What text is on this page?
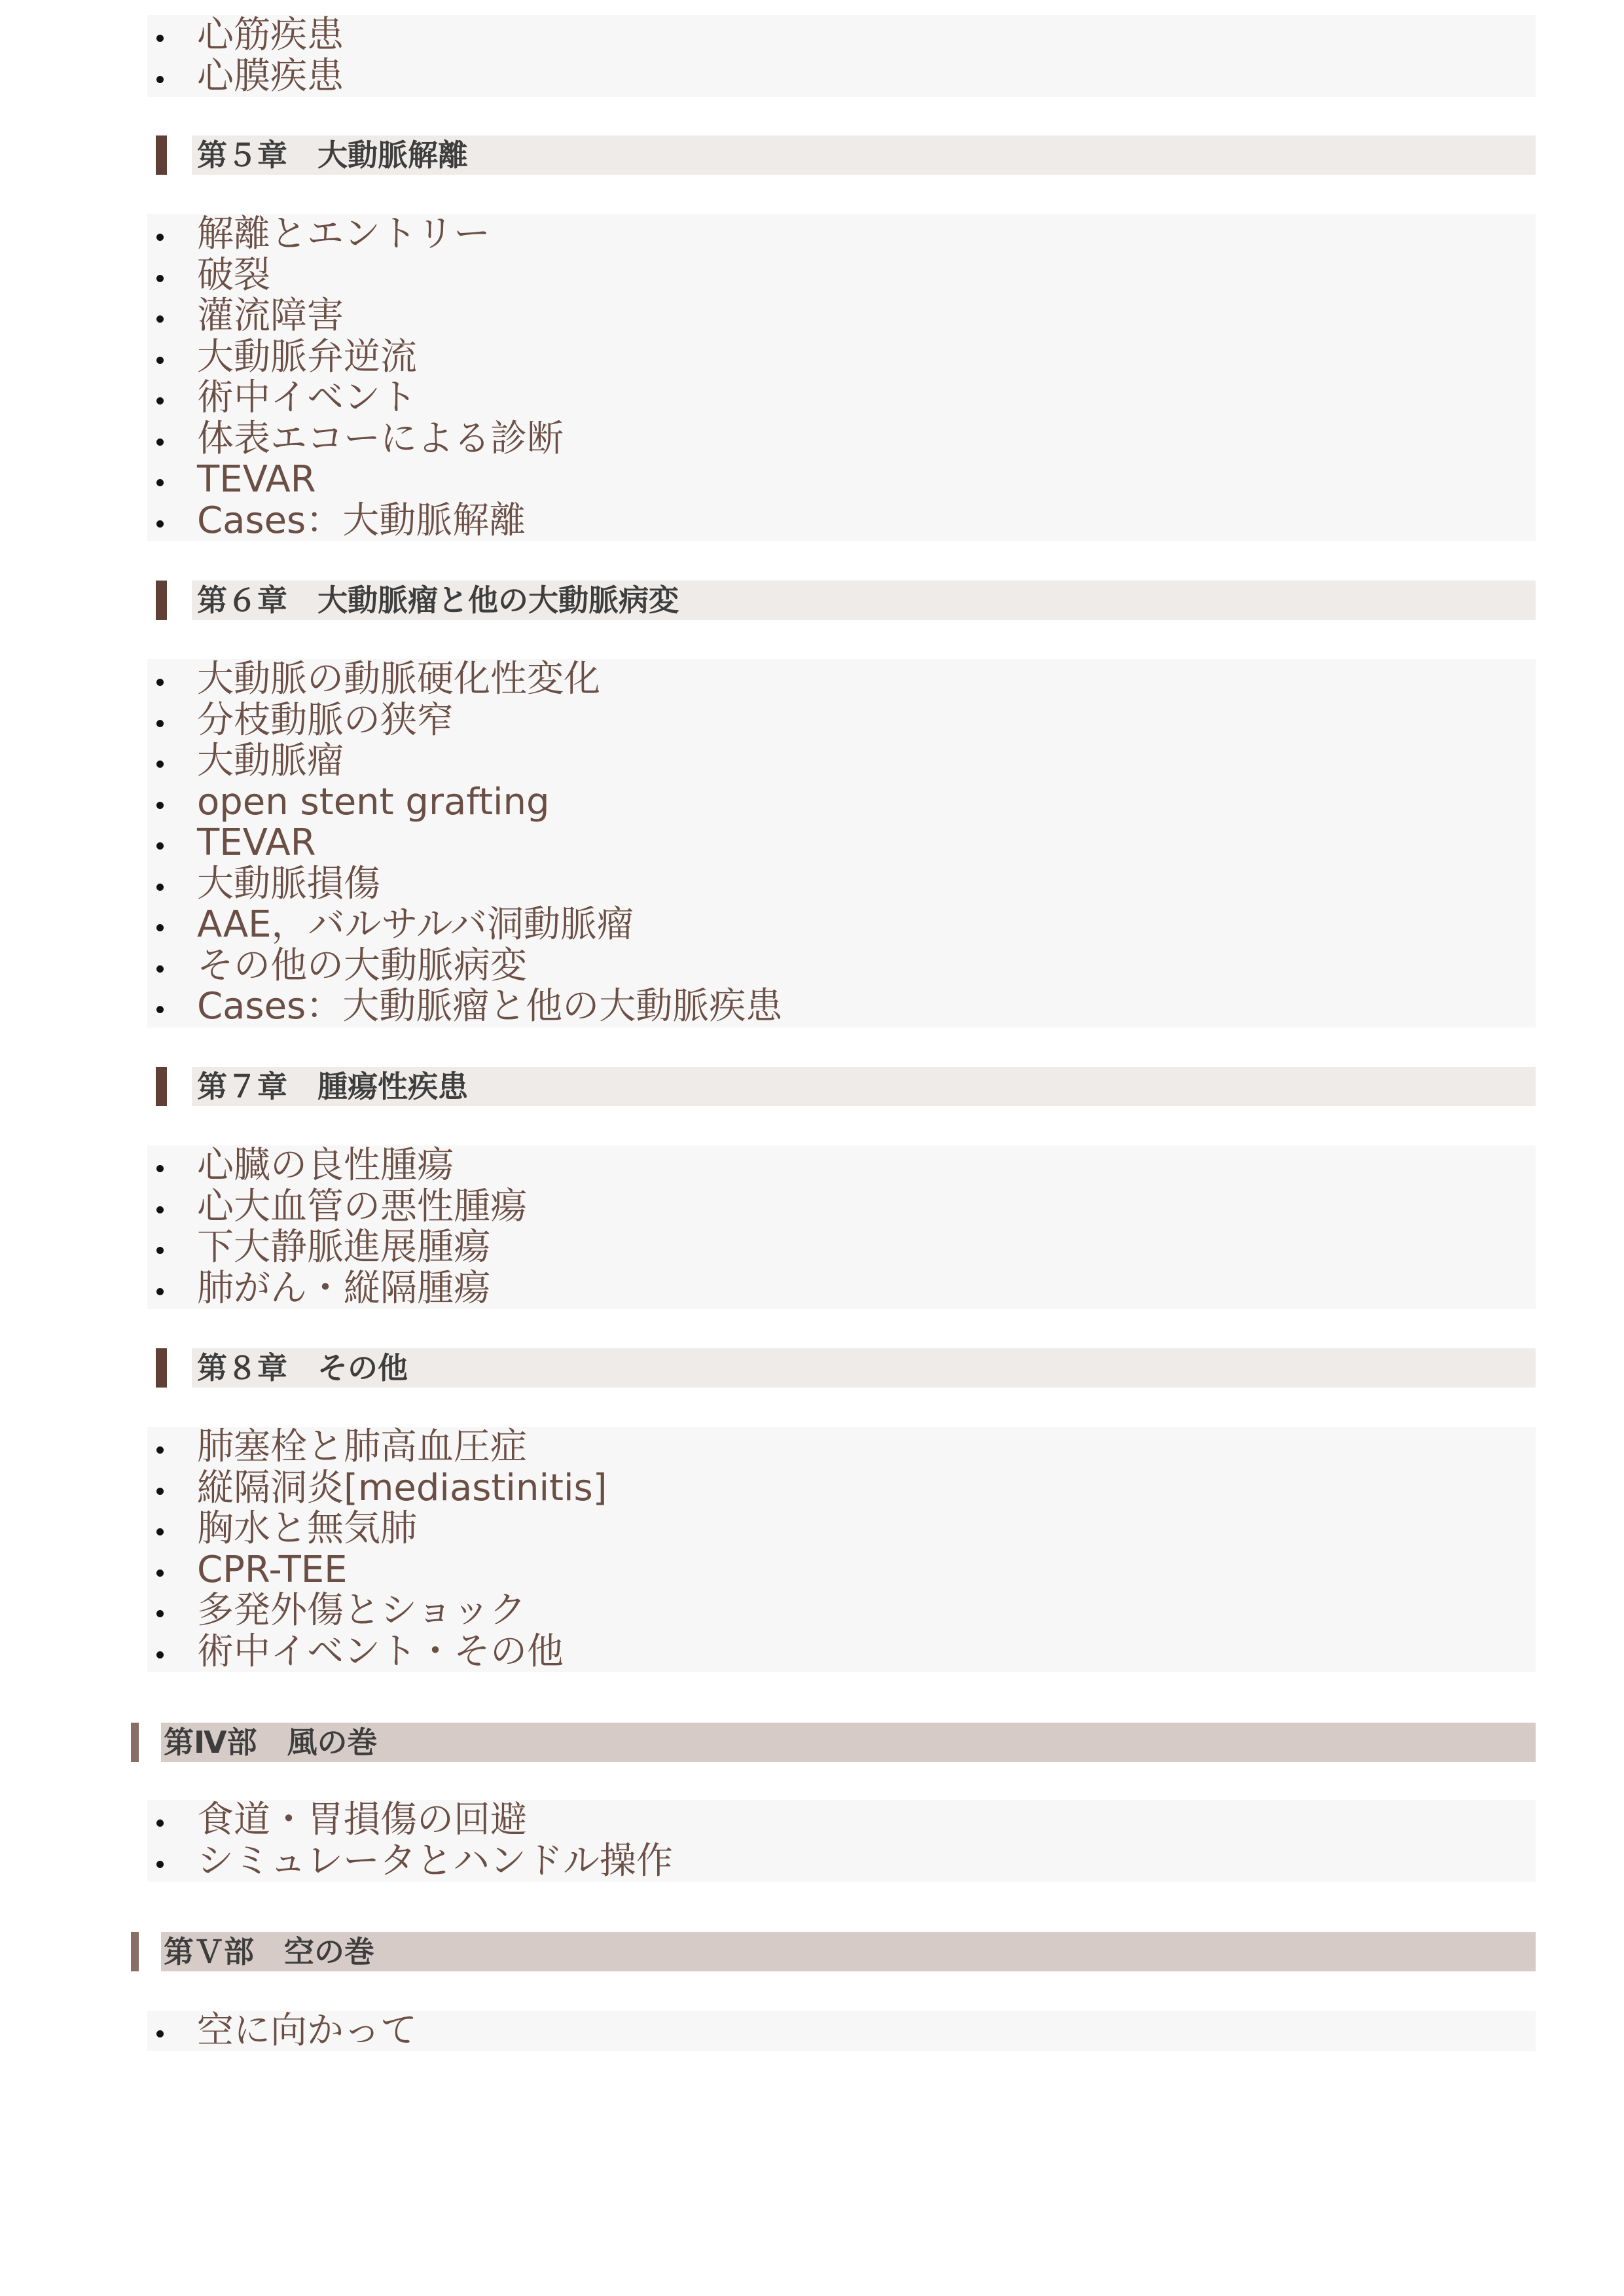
心筋疾患
心膜疾患
第５章　大動脈解離
解離とエントリー
破裂
灌流障害
大動脈弁逆流
術中イベント
体表エコーによる診断
TEVAR
Cases：大動脈解離
第６章　大動脈瘤と他の大動脈病変
大動脈の動脈硬化性変化
分枝動脈の狭窄
大動脈瘤
open stent grafting
TEVAR
大動脈損傷
AAE，バルサルバ洞動脈瘤
その他の大動脈病変
Cases：大動脈瘤と他の大動脈疾患
第７章　腫瘍性疾患
心臓の良性腫瘍
心大血管の悪性腫瘍
下大静脈進展腫瘍
肺がん・縦隔腫瘍
第８章　その他
肺塞栓と肺高血圧症
縦隔洞炎[mediastinitis]
胸水と無気肺
CPR-TEE
多発外傷とショック
術中イベント・その他
第Ⅳ部　風の巻
食道・胃損傷の回避
シミュレータとハンドル操作
第Ｖ部　空の巻
空に向かって
